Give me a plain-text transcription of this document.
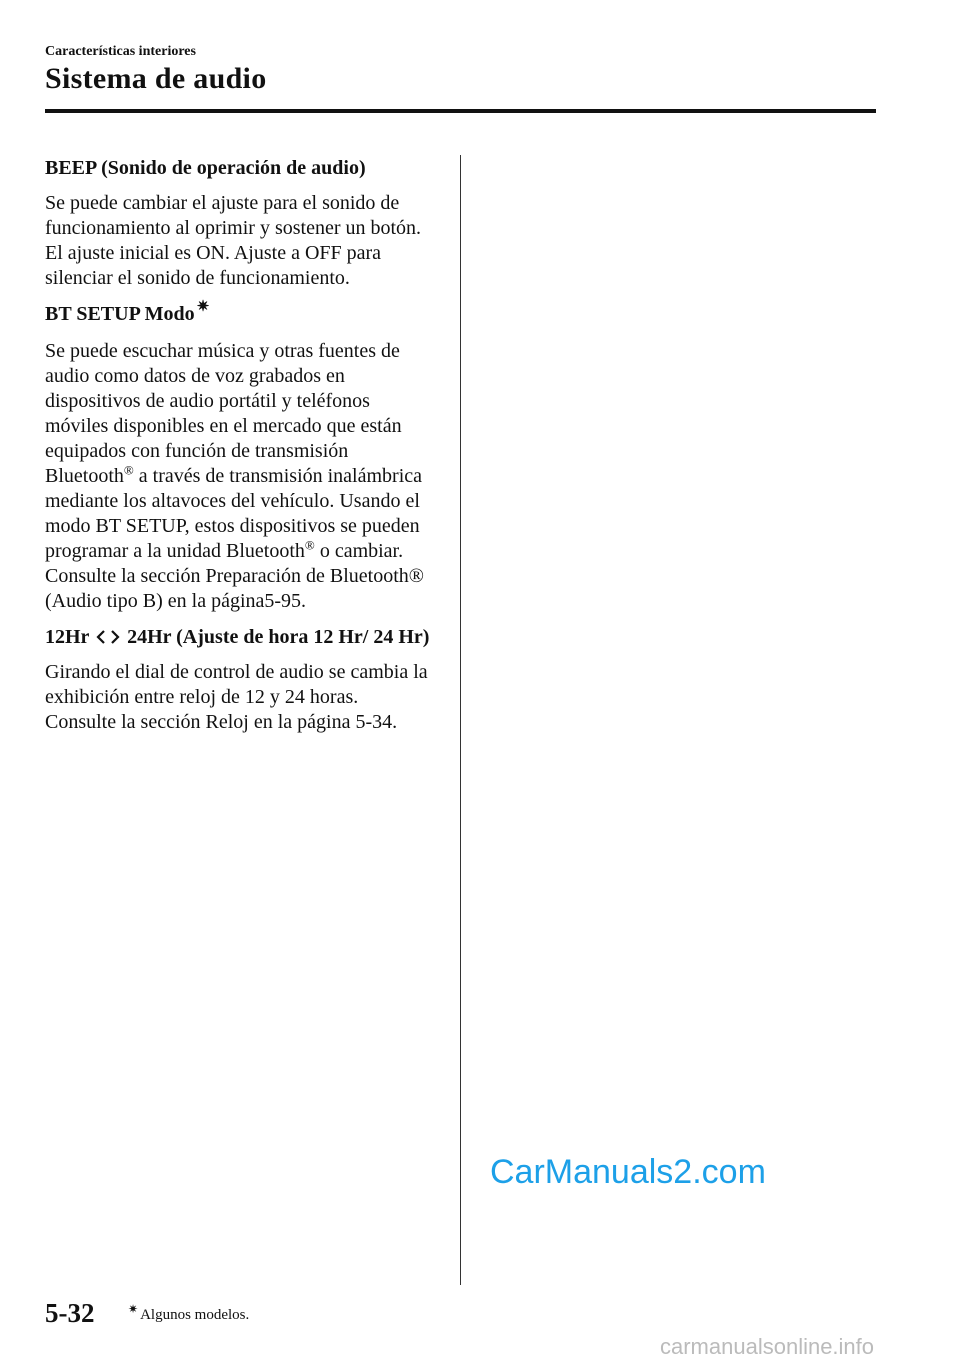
Características interiores
Sistema de audio

BEEP (Sonido de operación de audio)

Se puede cambiar el ajuste para el sonido de funcionamiento al oprimir y sostener un botón. El ajuste inicial es ON. Ajuste a OFF para silenciar el sonido de funcionamiento.

BT SETUP Modo ✷

Se puede escuchar música y otras fuentes de audio como datos de voz grabados en dispositivos de audio portátil y teléfonos móviles disponibles en el mercado que están equipados con función de transmisión Bluetooth® a través de transmisión inalámbrica mediante los altavoces del vehículo. Usando el modo BT SETUP, estos dispositivos se pueden programar a la unidad Bluetooth® o cambiar.
Consulte la sección Preparación de Bluetooth® (Audio tipo B) en la página5-95.

12Hr  24Hr (Ajuste de hora 12 Hr/ 24 Hr)

Girando el dial de control de audio se cambia la exhibición entre reloj de 12 y 24 horas.
Consulte la sección Reloj en la página 5-34.

CarManuals2.com
5-32	✷ Algunos modelos.
carmanualsonline.info
